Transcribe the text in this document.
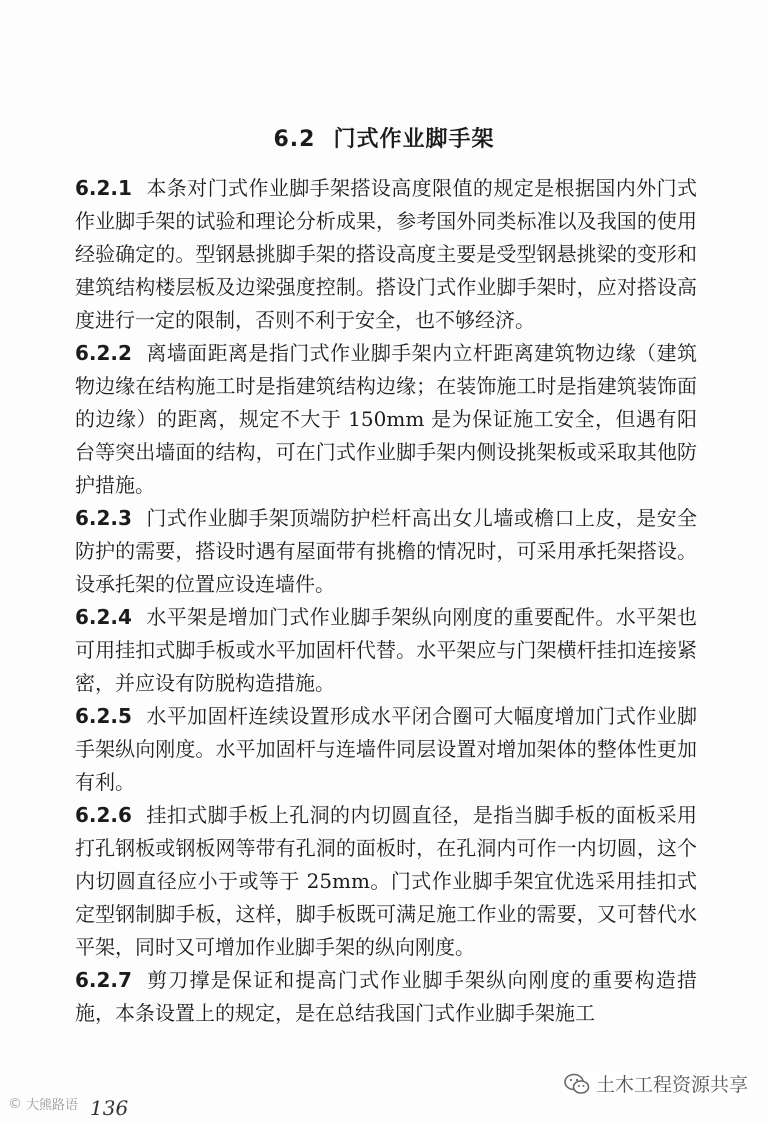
6.2 门式作业脚手架

6.2.1 本条对门式作业脚手架搭设高度限值的规定是根据国内外门式作业脚手架的试验和理论分析成果，参考国外同类标准以及我国的使用经验确定的。型钢悬挑脚手架的搭设高度主要是受型钢悬挑梁的变形和建筑结构楼层板及边梁强度控制。搭设门式作业脚手架时，应对搭设高度进行一定的限制，否则不利于安全，也不够经济。

6.2.2 离墙面距离是指门式作业脚手架内立杆距离建筑物边缘（建筑物边缘在结构施工时是指建筑结构边缘；在装饰施工时是指建筑装饰面的边缘）的距离，规定不大于 150mm 是为保证施工安全，但遇有阳台等突出墙面的结构，可在门式作业脚手架内侧设挑架板或采取其他防护措施。

6.2.3 门式作业脚手架顶端防护栏杆高出女儿墙或檐口上皮，是安全防护的需要，搭设时遇有屋面带有挑檐的情况时，可采用承托架搭设。设承托架的位置应设连墙件。

6.2.4 水平架是增加门式作业脚手架纵向刚度的重要配件。水平架也可用挂扣式脚手板或水平加固杆代替。水平架应与门架横杆挂扣连接紧密，并应设有防脱构造措施。

6.2.5 水平加固杆连续设置形成水平闭合圈可大幅度增加门式作业脚手架纵向刚度。水平加固杆与连墙件同层设置对增加架体的整体性更加有利。

6.2.6 挂扣式脚手板上孔洞的内切圆直径，是指当脚手板的面板采用打孔钢板或钢板网等带有孔洞的面板时，在孔洞内可作一内切圆，这个内切圆直径应小于或等于 25mm。门式作业脚手架宜优选采用挂扣式定型钢制脚手板，这样，脚手板既可满足施工作业的需要，又可替代水平架，同时又可增加作业脚手架的纵向刚度。

6.2.7 剪刀撑是保证和提高门式作业脚手架纵向刚度的重要构造措施，本条设置上的规定，是在总结我国门式作业脚手架施工

土木工程资源共享
© 大熊路语 136
